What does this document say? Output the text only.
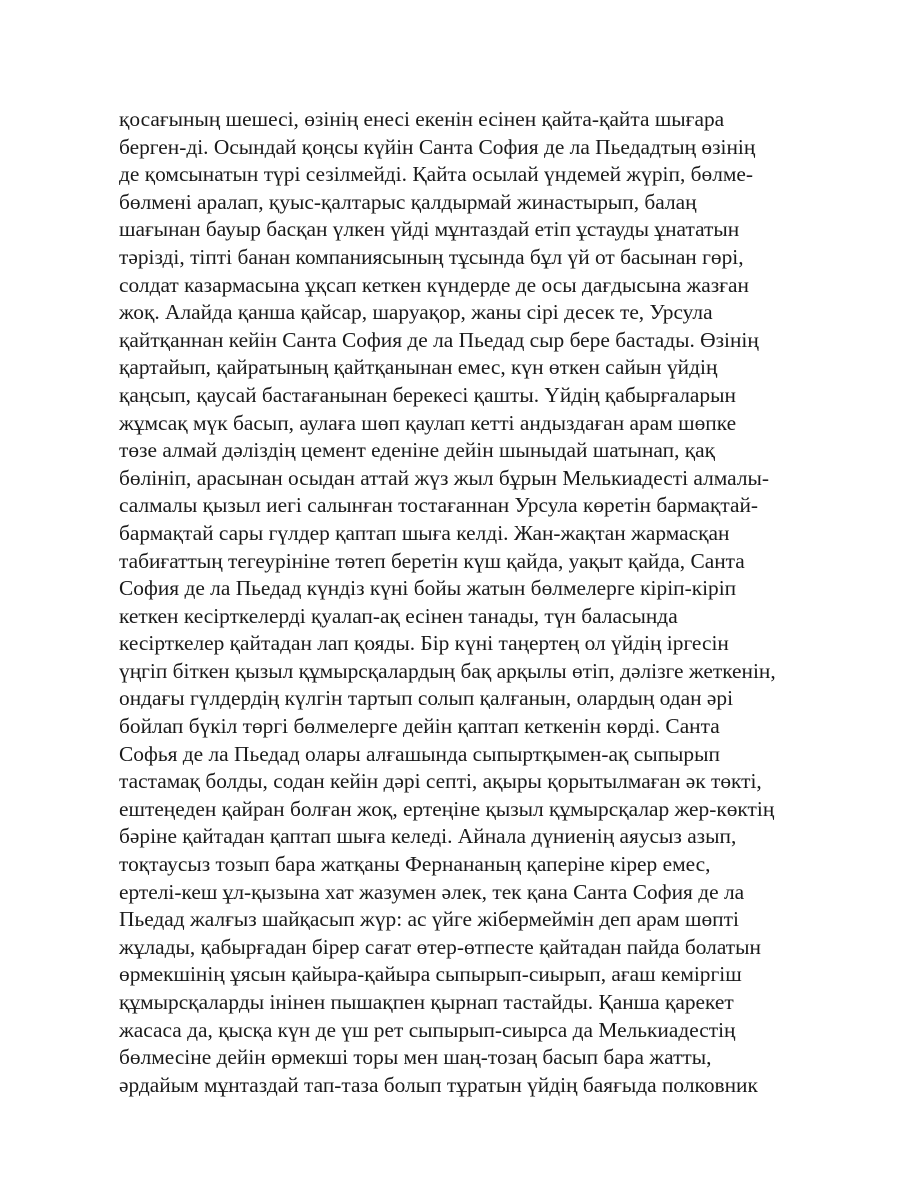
қосағының шешесі, өзінің енесі екенін есінен қайта-қайта шығара
берген-ді. Осындай қоңсы күйін Санта София де ла Пьедадтың өзінің
де қомсынатын түрі сезілмейді. Қайта осылай үндемей жүріп, бөлме-
бөлмені аралап, қуыс-қалтарыс қалдырмай жинастырып, балаң
шағынан бауыр басқан үлкен үйді мұнтаздай етіп ұстауды ұнататын
тәрізді, тіпті банан компаниясының тұсында бұл үй от басынан гөрі,
солдат казармасына ұқсап кеткен күндерде де осы дағдысына жазған
жоқ. Алайда қанша қайсар, шаруақор, жаны сірі десек те, Урсула
қайтқаннан кейін Санта София де ла Пьедад сыр бере бастады. Өзінің
қартайып, қайратының қайтқанынан емес, күн өткен сайын үйдің
қаңсып, қаусай бастағанынан берекесі қашты. Үйдің қабырғаларын
жұмсақ мүк басып, аулаға шөп қаулап кетті андыздаған арам шөпке
төзе алмай дәліздің цемент еденіне дейін шыныдай шатынап, қақ
бөлініп, арасынан осыдан аттай жүз жыл бұрын Мелькиадесті алмалы-
салмалы қызыл иегі салынған тостағаннан Урсула көретін бармақтай-
бармақтай сары гүлдер қаптап шыға келді. Жан-жақтан жармасқан
табиғаттың тегеурініне төтеп беретін күш қайда, уақыт қайда, Санта
София де ла Пьедад күндіз күні бойы жатын бөлмелерге кіріп-кіріп
кеткен кесірткелерді қуалап-ақ есінен танады, түн баласында
кесірткелер қайтадан лап қояды. Бір күні таңертең ол үйдің іргесін
үңгіп біткен қызыл құмырсқалардың бақ арқылы өтіп, дәлізге жеткенін,
ондағы гүлдердің күлгін тартып солып қалғанын, олардың одан әрі
бойлап бүкіл төргі бөлмелерге дейін қаптап кеткенін көрді. Санта
Софья де ла Пьедад олары алғашында сыпыртқымен-ақ сыпырып
тастамақ болды, содан кейін дәрі септі, ақыры қорытылмаған әк төкті,
ештеңеден қайран болған жоқ, ертеңіне қызыл құмырсқалар жер-көктің
бәріне қайтадан қаптап шыға келеді. Айнала дүниенің аяусыз азып,
тоқтаусыз тозып бара жатқаны Фернананың қаперіне кірер емес,
ертелі-кеш ұл-қызына хат жазумен әлек, тек қана Санта София де ла
Пьедад жалғыз шайқасып жүр: ас үйге жібермеймін деп арам шөпті
жұлады, қабырғадан бірер сағат өтер-өтпесте қайтадан пайда болатын
өрмекшінің ұясын қайыра-қайыра сыпырып-сиырып, ағаш кеміргіш
құмырсқаларды інінен пышақпен қырнап тастайды. Қанша қарекет
жасаса да, қысқа күн де үш рет сыпырып-сиырса да Мелькиадестің
бөлмесіне дейін өрмекші торы мен шаң-тозаң басып бара жатты,
әрдайым мұнтаздай тап-таза болып тұратын үйдің баяғыда полковник
